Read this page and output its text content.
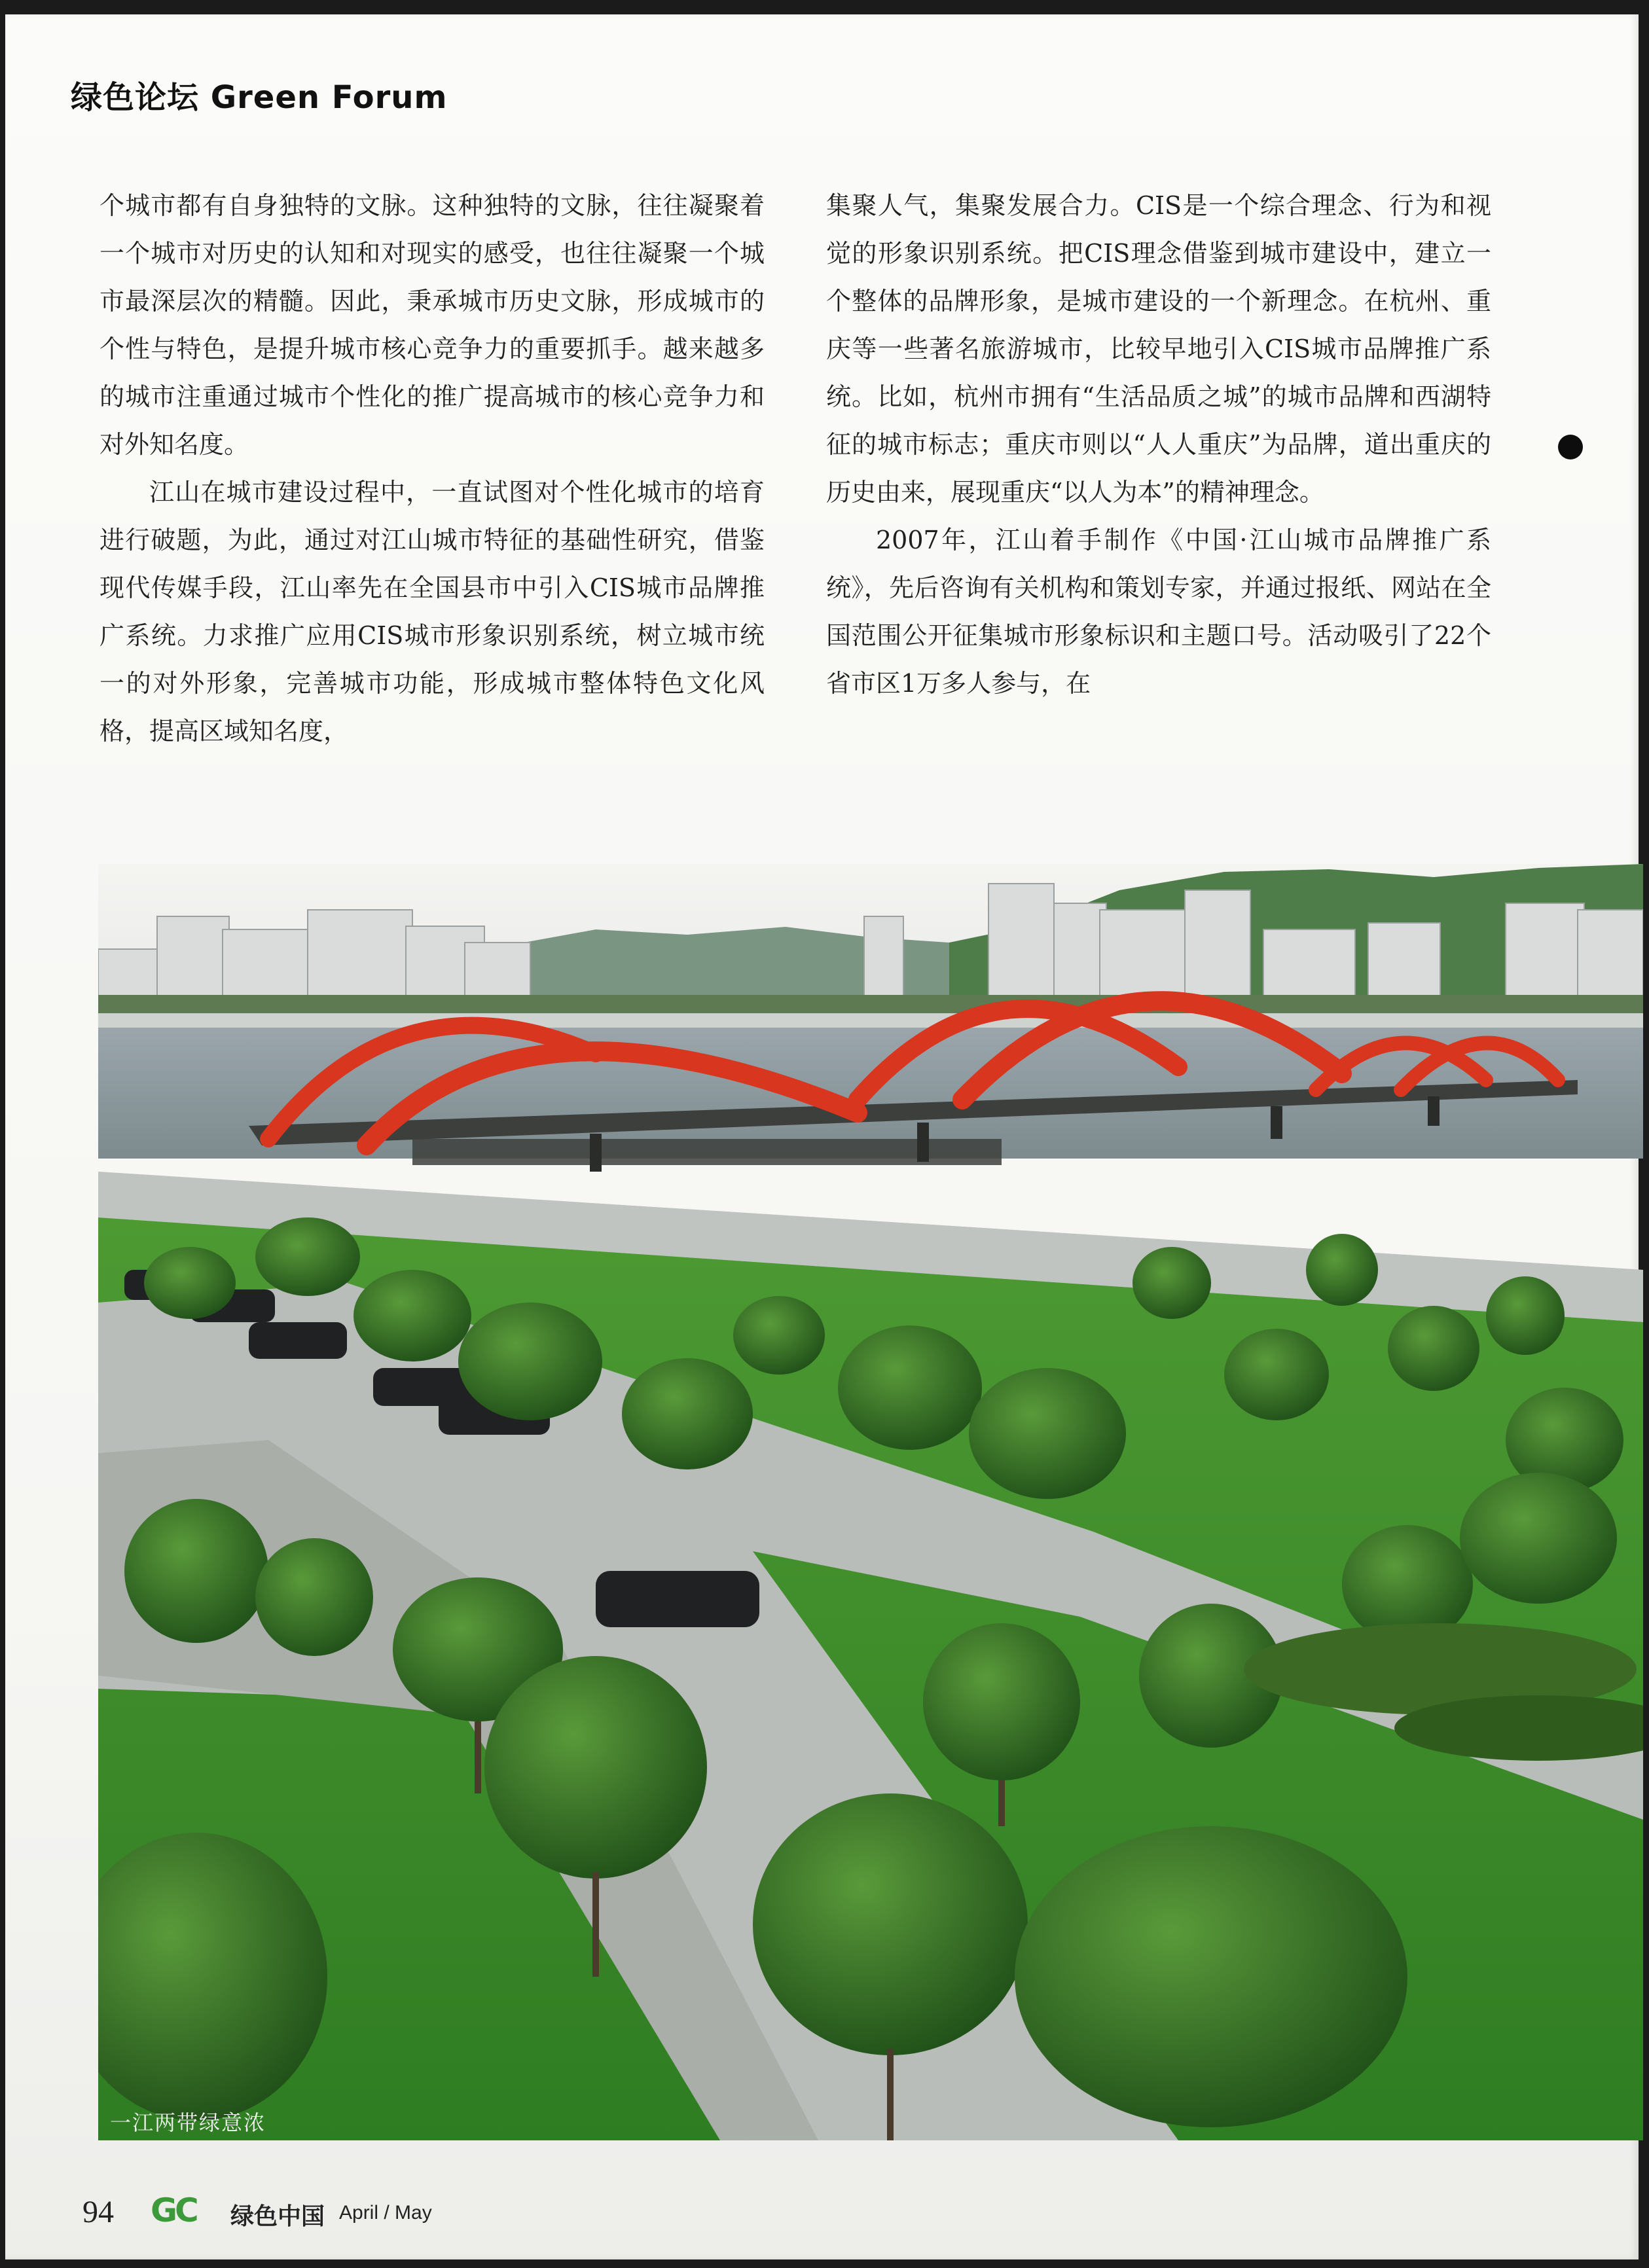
绿色论坛 Green Forum

个城市都有自身独特的文脉。这种独特的文脉，往往凝聚着一个城市对历史的认知和对现实的感受，也往往凝聚一个城市最深层次的精髓。因此，秉承城市历史文脉，形成城市的个性与特色，是提升城市核心竞争力的重要抓手。越来越多的城市注重通过城市个性化的推广提高城市的核心竞争力和对外知名度。

江山在城市建设过程中，一直试图对个性化城市的培育进行破题，为此，通过对江山城市特征的基础性研究，借鉴现代传媒手段，江山率先在全国县市中引入CIS城市品牌推广系统。力求推广应用CIS城市形象识别系统，树立城市统一的对外形象，完善城市功能，形成城市整体特色文化风格，提高区域知名度，

集聚人气，集聚发展合力。CIS是一个综合理念、行为和视觉的形象识别系统。把CIS理念借鉴到城市建设中，建立一个整体的品牌形象，是城市建设的一个新理念。在杭州、重庆等一些著名旅游城市，比较早地引入CIS城市品牌推广系统。比如，杭州市拥有“生活品质之城”的城市品牌和西湖特征的城市标志；重庆市则以“人人重庆”为品牌，道出重庆的历史由来，展现重庆“以人为本”的精神理念。

2007年，江山着手制作《中国·江山城市品牌推广系统》，先后咨询有关机构和策划专家，并通过报纸、网站在全国范围公开征集城市形象标识和主题口号。活动吸引了22个省市区1万多人参与，在

一江两带绿意浓
94 GC 绿色中国 April / May
